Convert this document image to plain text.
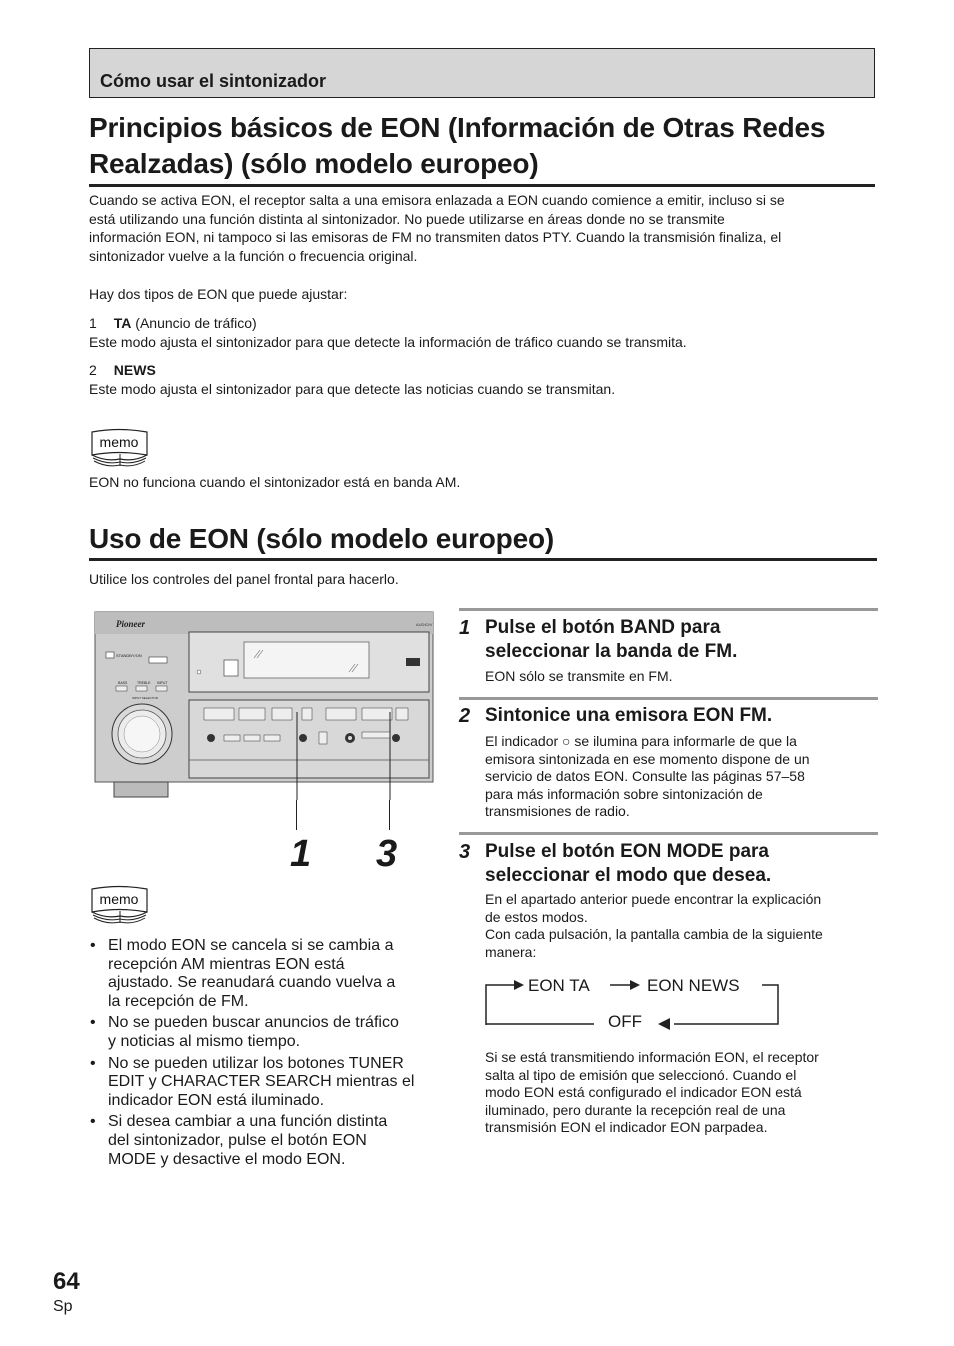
Cómo usar el sintonizador
Principios básicos de EON (Información de Otras Redes
Realzadas) (sólo modelo europeo)
Cuando se activa EON, el receptor salta a una emisora enlazada a EON cuando comience a emitir, incluso si se
está utilizando una función distinta al sintonizador. No puede utilizarse en áreas donde no se transmite
información EON, ni tampoco si las emisoras de FM no transmiten datos PTY. Cuando la transmisión finaliza, el
sintonizador vuelve a la función o frecuencia original.
Hay dos tipos de EON que puede ajustar:
1 TA (Anuncio de tráfico)
Este modo ajusta el sintonizador para que detecte la información de tráfico cuando se transmita.
2 NEWS
Este modo ajusta el sintonizador para que detecte las noticias cuando se transmitan.
memo
EON no funciona cuando el sintonizador está en banda AM.
Uso de EON (sólo modelo europeo)
Utilice los controles del panel frontal para hacerlo.
Pioneer	AUDIO/V
STANDBY/ON
BASS	TREBLE INPUT
INPUT SELECTOR
1 3
memo
• El modo EON se cancela si se cambia a
recepción AM mientras EON está
ajustado. Se reanudará cuando vuelva a
la recepción de FM.
• No se pueden buscar anuncios de tráfico
y noticias al mismo tiempo.
• No se pueden utilizar los botones TUNER
EDIT y CHARACTER SEARCH mientras el
indicador EON está iluminado.
• Si desea cambiar a una función distinta
del sintonizador, pulse el botón EON
MODE y desactive el modo EON.
1 Pulse el botón BAND para
seleccionar la banda de FM.
EON sólo se transmite en FM.
2 Sintonice una emisora EON FM.
El indicador ○ se ilumina para informarle de que la
emisora sintonizada en ese momento dispone de un
servicio de datos EON. Consulte las páginas 57–58
para más información sobre sintonización de
transmisiones de radio.
3 Pulse el botón EON MODE para
seleccionar el modo que desea.
En el apartado anterior puede encontrar la explicación
de estos modos.
Con cada pulsación, la pantalla cambia de la siguiente
manera:
EON TA	EON NEWS
OFF
Si se está transmitiendo información EON, el receptor
salta al tipo de emisión que seleccionó. Cuando el
modo EON está configurado el indicador EON está
iluminado, pero durante la recepción real de una
transmisión EON el indicador EON parpadea.
64
Sp
